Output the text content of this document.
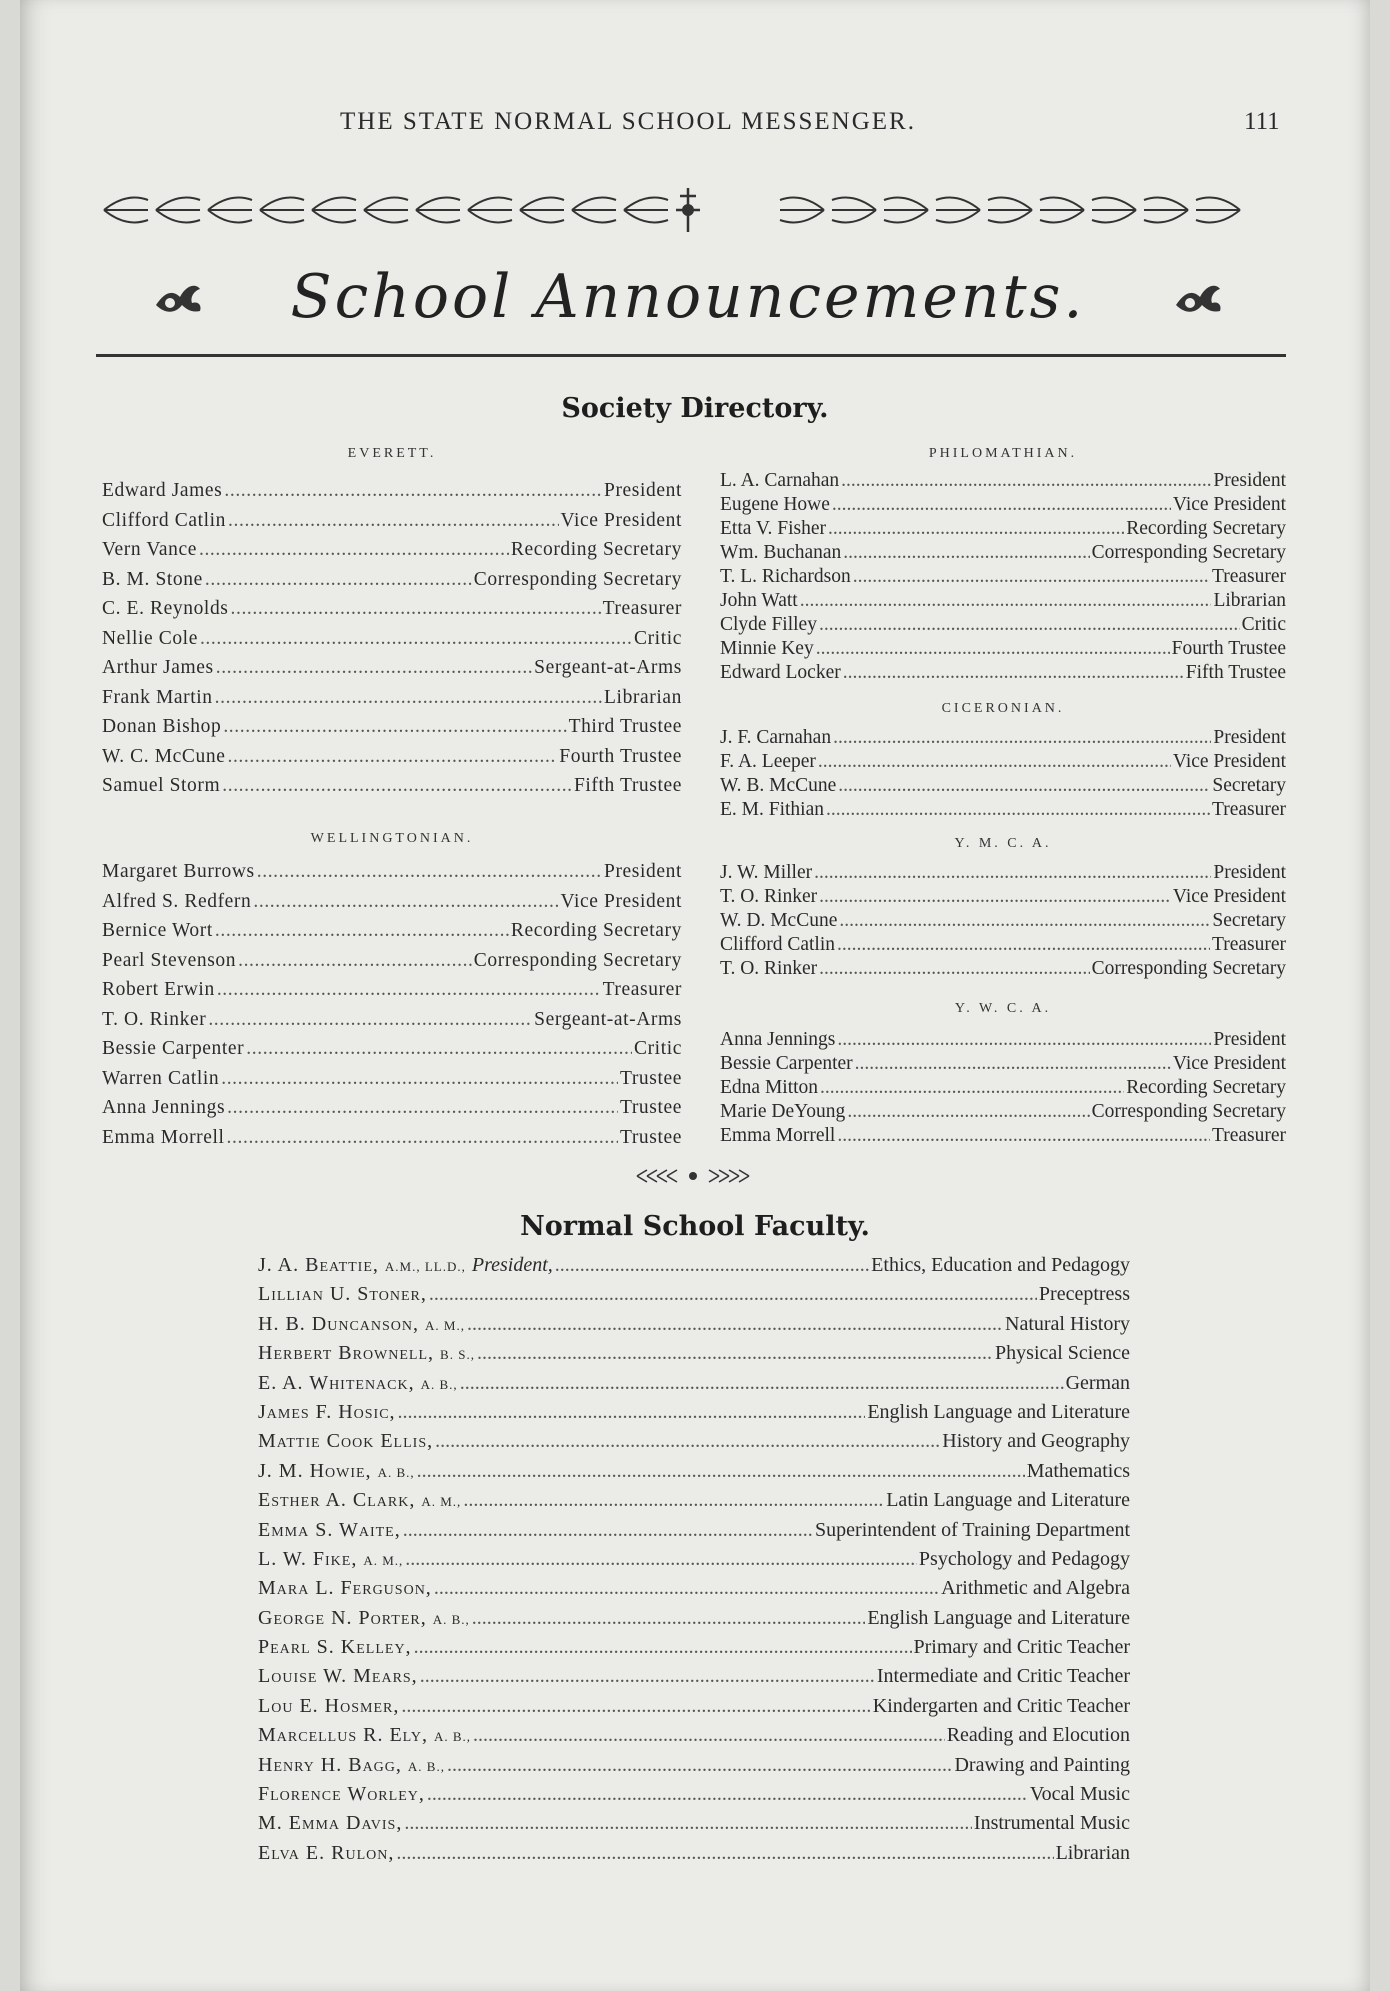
THE STATE NORMAL SCHOOL MESSENGER.	111
School Announcements.
Society Directory.

EVERETT.

Edward James .....	President
Clifford Catlin .....	Vice President
Vern Vance .....	Recording Secretary
B. M. Stone .....	Corresponding Secretary
C. E. Reynolds .....	Treasurer
Nellie Cole .....	Critic
Arthur James .....	Sergeant-at-Arms
Frank Martin .....	Librarian
Donan Bishop .....	Third Trustee
W. C. McCune .....	Fourth Trustee
Samuel Storm .....	Fifth Trustee

WELLINGTONIAN.

Margaret Burrows .....	President
Alfred S. Redfern .....	Vice President
Bernice Wort .....	Recording Secretary
Pearl Stevenson .....	Corresponding Secretary
Robert Erwin .....	Treasurer
T. O. Rinker .....	Sergeant-at-Arms
Bessie Carpenter .....	Critic
Warren Catlin .....	Trustee
Anna Jennings .....	Trustee
Emma Morrell .....	Trustee

PHILOMATHIAN.

L. A. Carnahan .....	President
Eugene Howe .....	Vice President
Etta V. Fisher .....	Recording Secretary
Wm. Buchanan .....	Corresponding Secretary
T. L. Richardson .....	Treasurer
John Watt .....	Librarian
Clyde Filley .....	Critic
Minnie Key .....	Fourth Trustee
Edward Locker .....	Fifth Trustee

CICERONIAN.

J. F. Carnahan .....	President
F. A. Leeper .....	Vice President
W. B. McCune .....	Secretary
E. M. Fithian .....	Treasurer

Y. M. C. A.

J. W. Miller .....	President
T. O. Rinker .....	Vice President
W. D. McCune .....	Secretary
Clifford Catlin .....	Treasurer
T. O. Rinker .....	Corresponding Secretary

Y. W. C. A.

Anna Jennings .....	President
Bessie Carpenter .....	Vice President
Edna Mitton .....	Recording Secretary
Marie DeYoung .....	Corresponding Secretary
Emma Morrell .....	Treasurer
Normal School Faculty.
J. A. Beattie, A.M., LL.D., President, .....	Ethics, Education and Pedagogy
Lillian U. Stoner, .....	Preceptress
H. B. Duncanson, A. M., .....	Natural History
Herbert Brownell, B. S., .....	Physical Science
E. A. Whitenack, A. B., .....	German
James F. Hosic, .....	English Language and Literature
Mattie Cook Ellis, .....	History and Geography
J. M. Howie, A. B., .....	Mathematics
Esther A. Clark, A. M., .....	Latin Language and Literature
Emma S. Waite, .....	Superintendent of Training Department
L. W. Fike, A. M., .....	Psychology and Pedagogy
Mara L. Ferguson, .....	Arithmetic and Algebra
George N. Porter, A. B., .....	English Language and Literature
Pearl S. Kelley, .....	Primary and Critic Teacher
Louise W. Mears, .....	Intermediate and Critic Teacher
Lou E. Hosmer, .....	Kindergarten and Critic Teacher
Marcellus R. Ely, A. B., .....	Reading and Elocution
Henry H. Bagg, A. B., .....	Drawing and Painting
Florence Worley, .....	Vocal Music
M. Emma Davis, .....	Instrumental Music
Elva E. Rulon, .....	Librarian
